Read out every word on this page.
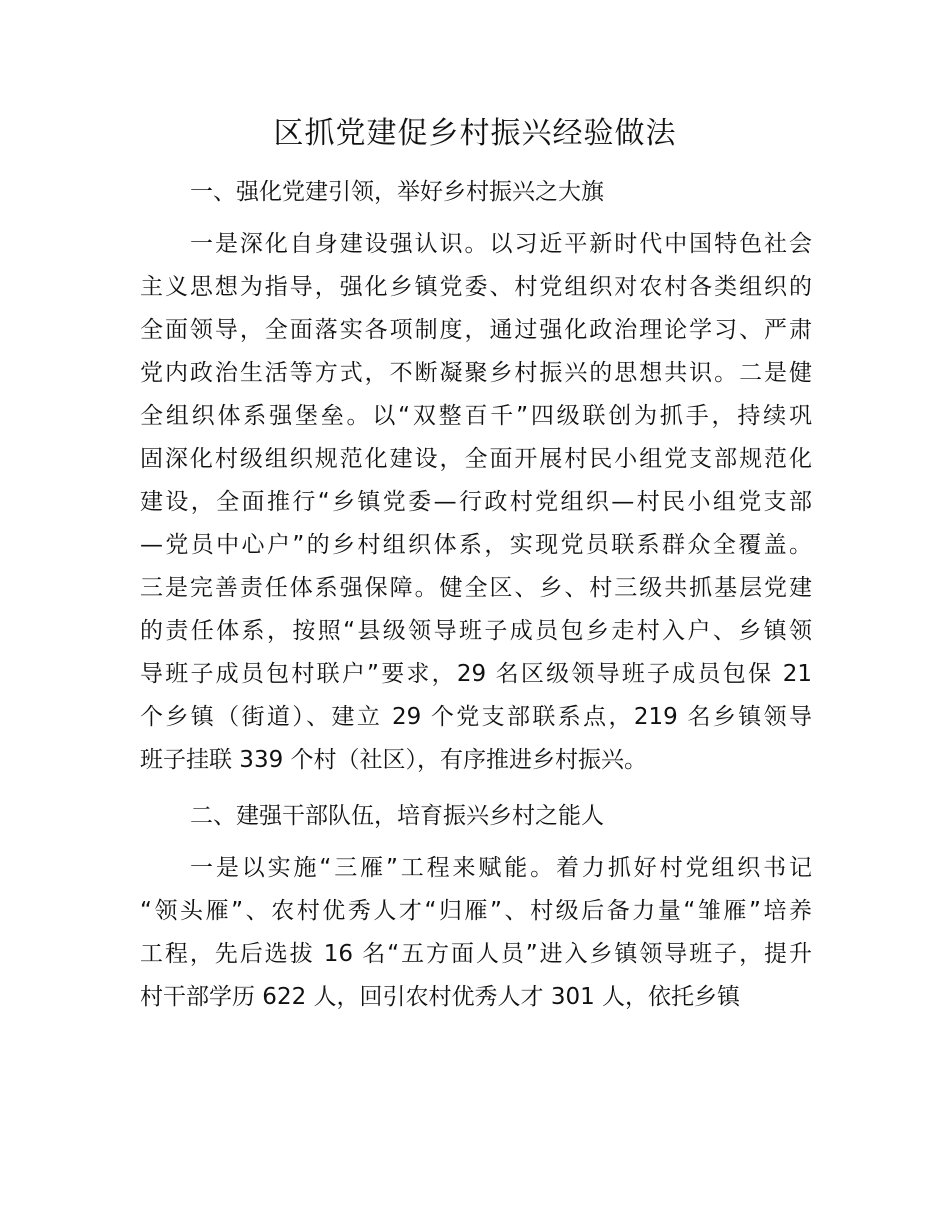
区抓党建促乡村振兴经验做法

一、强化党建引领，举好乡村振兴之大旗

一是深化自身建设强认识。以习近平新时代中国特色社会

主义思想为指导，强化乡镇党委、村党组织对农村各类组织的

全面领导，全面落实各项制度，通过强化政治理论学习、严肃

党内政治生活等方式，不断凝聚乡村振兴的思想共识。二是健

全组织体系强堡垒。以“双整百千”四级联创为抓手，持续巩

固深化村级组织规范化建设，全面开展村民小组党支部规范化

建设，全面推行“乡镇党委—行政村党组织—村民小组党支部

—党员中心户”的乡村组织体系，实现党员联系群众全覆盖。

三是完善责任体系强保障。健全区、乡、村三级共抓基层党建

的责任体系，按照“县级领导班子成员包乡走村入户、乡镇领

导班子成员包村联户”要求，29 名区级领导班子成员包保 21

个乡镇（街道）、建立 29 个党支部联系点，219 名乡镇领导

班子挂联 339 个村（社区），有序推进乡村振兴。

二、建强干部队伍，培育振兴乡村之能人

一是以实施“三雁”工程来赋能。着力抓好村党组织书记

“领头雁”、农村优秀人才“归雁”、村级后备力量“雏雁”培养

工程，先后选拔 16 名“五方面人员”进入乡镇领导班子，提升

村干部学历 622 人，回引农村优秀人才 301 人，依托乡镇
